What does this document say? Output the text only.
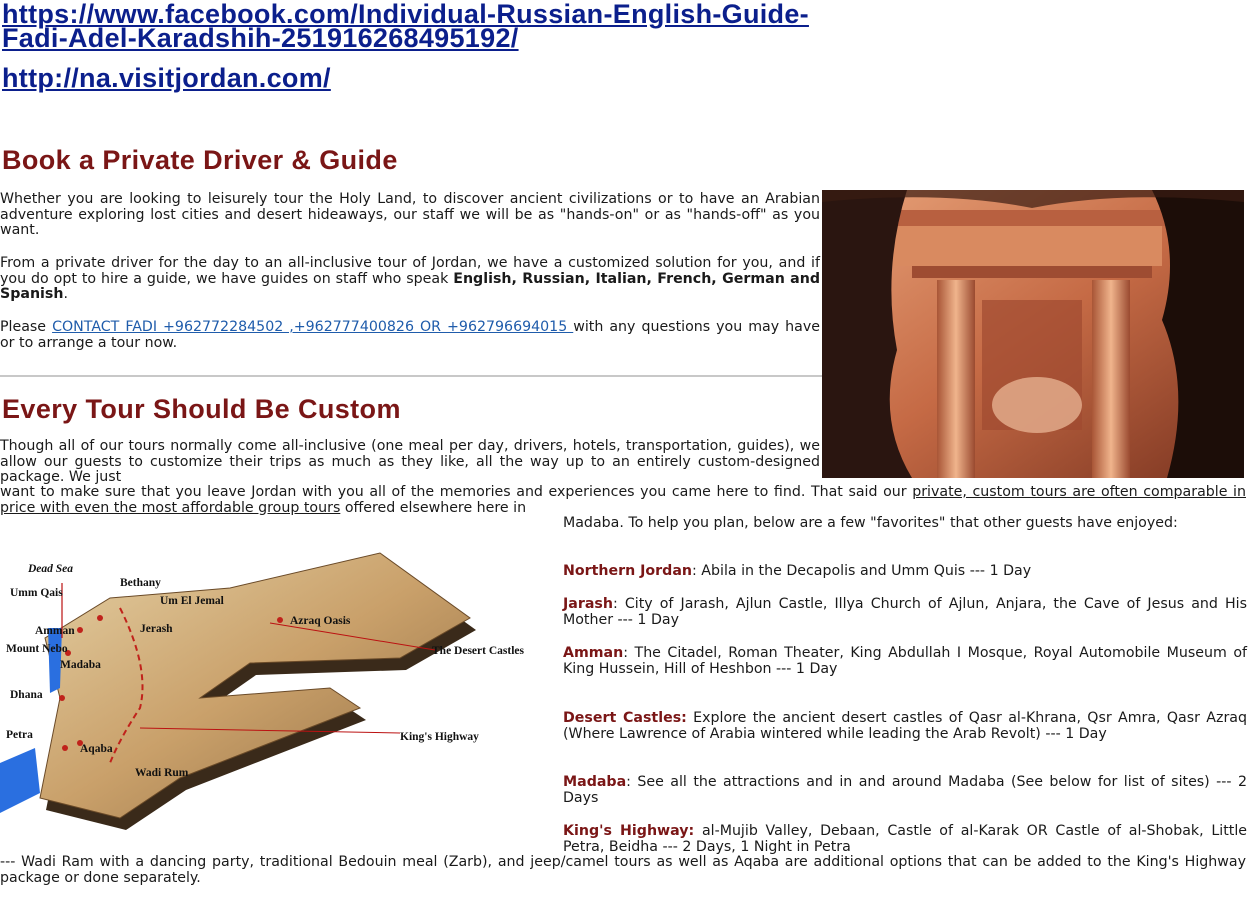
https://www.facebook.com/Individual-Russian-English-Guide-
Fadi-Adel-Karadshih-251916268495192/
http://na.visitjordan.com/
Book a Private Driver & Guide

Whether you are looking to leisurely tour the Holy Land, to discover ancient civilizations or to have an Arabian adventure exploring lost cities and desert hideaways, our staff we will be as "hands-on" or as "hands-off" as you want.

From a private driver for the day to an all-inclusive tour of Jordan, we have a customized solution for you, and if you do opt to hire a guide, we have guides on staff who speak English, Russian, Italian, French, German and Spanish.

Please CONTACT FADI +962772284502 ,+962777400826 OR +962796694015 with any questions you may have or to arrange a tour now.

Every Tour Should Be Custom

Though all of our tours normally come all-inclusive (one meal per day, drivers, hotels, transportation, guides), we allow our guests to customize their trips as much as they like, all the way up to an entirely custom-designed package. We just

want to make sure that you leave Jordan with you all of the memories and experiences you came here to find. That said our private, custom tours are often comparable in price with even the most affordable group tours offered elsewhere here in

Madaba. To help you plan, below are a few "favorites" that other guests have enjoyed:

Dead Sea
Bethany
Umm Qais
Um El Jemal
Amman	Jerash
Azraq Oasis
Mount Nebo
Madaba
The Desert Castles
Dhana
Petra	King's Highway
Aqaba
Wadi Rum

Northern Jordan: Abila in the Decapolis and Umm Quis --- 1 Day

Jarash: City of Jarash, Ajlun Castle, Illya Church of Ajlun, Anjara, the Cave of Jesus and His Mother --- 1 Day

Amman: The Citadel, Roman Theater, King Abdullah I Mosque, Royal Automobile Museum of King Hussein, Hill of Heshbon --- 1 Day

Desert Castles: Explore the ancient desert castles of Qasr al-Khrana, Qsr Amra, Qasr Azraq (Where Lawrence of Arabia wintered while leading the Arab Revolt) --- 1 Day

Madaba: See all the attractions and in and around Madaba (See below for list of sites) --- 2 Days

King's Highway: al-Mujib Valley, Debaan, Castle of al-Karak OR Castle of al-Shobak, Little Petra, Beidha --- 2 Days, 1 Night in Petra

--- Wadi Ram with a dancing party, traditional Bedouin meal (Zarb), and jeep/camel tours as well as Aqaba are additional options that can be added to the King's Highway package or done separately.
